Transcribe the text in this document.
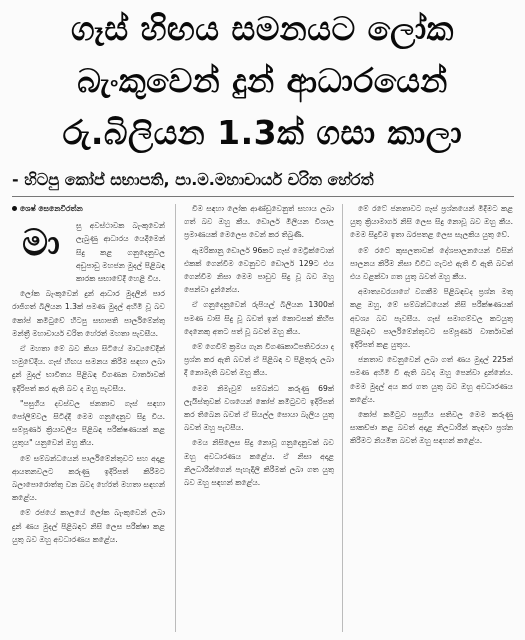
ගෑස් හිඟය සමනයට ලෝක
බැංකුවෙන් දුන් ආධාරයෙන්
රු.බිලියන 1.3ක් ගසා කාලා
- හිටපු කෝප් සභාපති, පා.ම.මහාචාර්ය චරිත හේරත්
ශෙෂ් සෙනෙවිරත්න
මා	සු අවස්ථාවක බැංකුවෙන් ලැබුණු ආධාරය යෙදීමෙන් සිදු කළ ගනුදෙනුවල අඩුපාඩු මහජන මුදල් පිළිබඳ කාරක සභාවේදී හෙළි විය.

ලෝක බැංකුවෙන් දුන් ආධාර මුදලින් පාර රාජිගත් බිලියන 1.3ක් පමණ මුදල් අහිමි වූ බව කෝප් කමිටුවේ හිටපු සභාපති පාර්ලිමේන්තු මන්ත්‍රී මහාචාර්ය චරිත හේරත් මහතා පැවසීය.

ඒ මහතා මේ බව කියා සිටියේ මාධ්‍යවේදීන් හමුවේදීය. ගෑස් හිඟය සමනය කිරීම සඳහා ලබා දුන් මුදල් භාවිතය පිළිබඳ විගණන වාර්තාවක් ඉදිරිපත් කර ඇති බව ද ඔහු පැවසීය.

"පසුගිය දවස්වල ජනතාව ගෑස් සඳහා පෝලිම්වල සිටිද්දී මෙම ගනුදෙනුව සිදු විය. සම්පූර්ණ ක්‍රියාවලිය පිළිබඳ පරීක්ෂණයක් කළ යුතුය" යනුවෙන් ඔහු කීය.

මේ සම්බන්ධයෙන් පාර්ලිමේන්තුවට සහ අදාළ ආයතනවලට කරුණු ඉදිරිපත් කිරීමට බලාපොරොත්තු වන බවද හේරත් මහතා සඳහන් කළේය.

මේ රජයේ කාලයේ ලෝක බැංකුවෙන් ලබා දුන් ණය මුදල් පිළිබඳව නිසි ලෙස පරීක්ෂා කළ යුතු බව ඔහු අවධාරණය කළේය.

විම සඳහා ලෝක ආණ්ඩුවෙනුත් සහාය ලබා ගත් බව ඔහු කීය. ඩොලර් මිලියන විශාල ප්‍රමාණයක් මෙලෙස වෙන් කර තිබුණි.

ඇමරිකානු ඩොලර් 96කට ගෑස් මෙට්‍රික්ටොන් එකක් ගෙන්වීම වෙනුවට ඩොලර් 129ට එය ගෙන්වීම නිසා මෙම පාඩුව සිදු වූ බව ඔහු පෙන්වා දුන්නේය.

ඒ ගනුදෙනුවෙන් රුපියල් බිලියන 1300ක් පමණ වාසි සිදු වූ බවත් ඉන් කොටසක් කිහිප දෙනෙකු අතට පත් වූ බවත් ඔහු කීය.

මේ ගෙවීම් ක්‍රමය ගැන විගණකාධිපතිවරයා ද ප්‍රශ්න කර ඇති බවත් ඒ පිළිබඳ ව පිළිතුරු ලබා දී නොමැති බවත් ඔහු කීය.

මෙම නිමැවුම් සම්බන්ධ කරුණු 69ක් ලැයිස්තුවක් වශයෙන් කෝප් කමිටුවට ඉදිරිපත් කර තිබෙන බවත් ඒ සියල්ල සොයා බැලිය යුතු බවත් ඔහු පැවසීය.

මෙය නිසිලෙස සිදු නොවූ ගනුදෙනුවක් බව ඔහු අවධාරණය කළේය. ඒ නිසා අදාළ නිලධාරීන්ගෙන් පැහැදිලි කිරීමක් ලබා ගත යුතු බව ඔහු සඳහන් කළේය.

මේ රටේ ජනතාවට ගෑස් ප්‍රශ්නයෙන් මිදීමට කළ යුතු ක්‍රියාමාර්ග නිසි ලෙස සිදු නොවූ බව ඔහු කීය. මෙම සිදුවීම ඉතා බරපතළ ලෙස සැලකිය යුතු වේ.

මේ රටේ කුසලතාවක් දේශපාලනයෙන් විසින් පාලනය කිරීම නිසා විවිධ ගැටළු ඇති වී ඇති බවත් එය වළක්වා ගත යුතු බවත් ඔහු කීය.

අමාත්‍යවරයාගේ වගකීම පිළිබඳවද ප්‍රශ්න මතු කළ ඔහු, මේ සම්බන්ධයෙන් නිසි පරීක්ෂණයක් අවශ්‍ය බව පැවසීය. ගෑස් සමාගම්වල කටයුතු පිළිබඳව පාර්ලිමේන්තුවට සම්පූර්ණ වාර්තාවක් ඉදිරිපත් කළ යුතුය.

ජනතාව වෙනුවෙන් ලබා ගත් ණය මුදල් 225ක් පමණ අහිමි වී ඇති බවද ඔහු පෙන්වා දුන්නේය. මෙම මුදල් අය කර ගත යුතු බව ඔහු අවධාරණය කළේය.

කෝප් කමිටුව පසුගිය සතිවල මෙම කරුණු සාකච්ඡා කළ බවත් අදාළ නිලධාරීන් කැඳවා ප්‍රශ්න කිරීමට නියමිත බවත් ඔහු සඳහන් කළේය.
